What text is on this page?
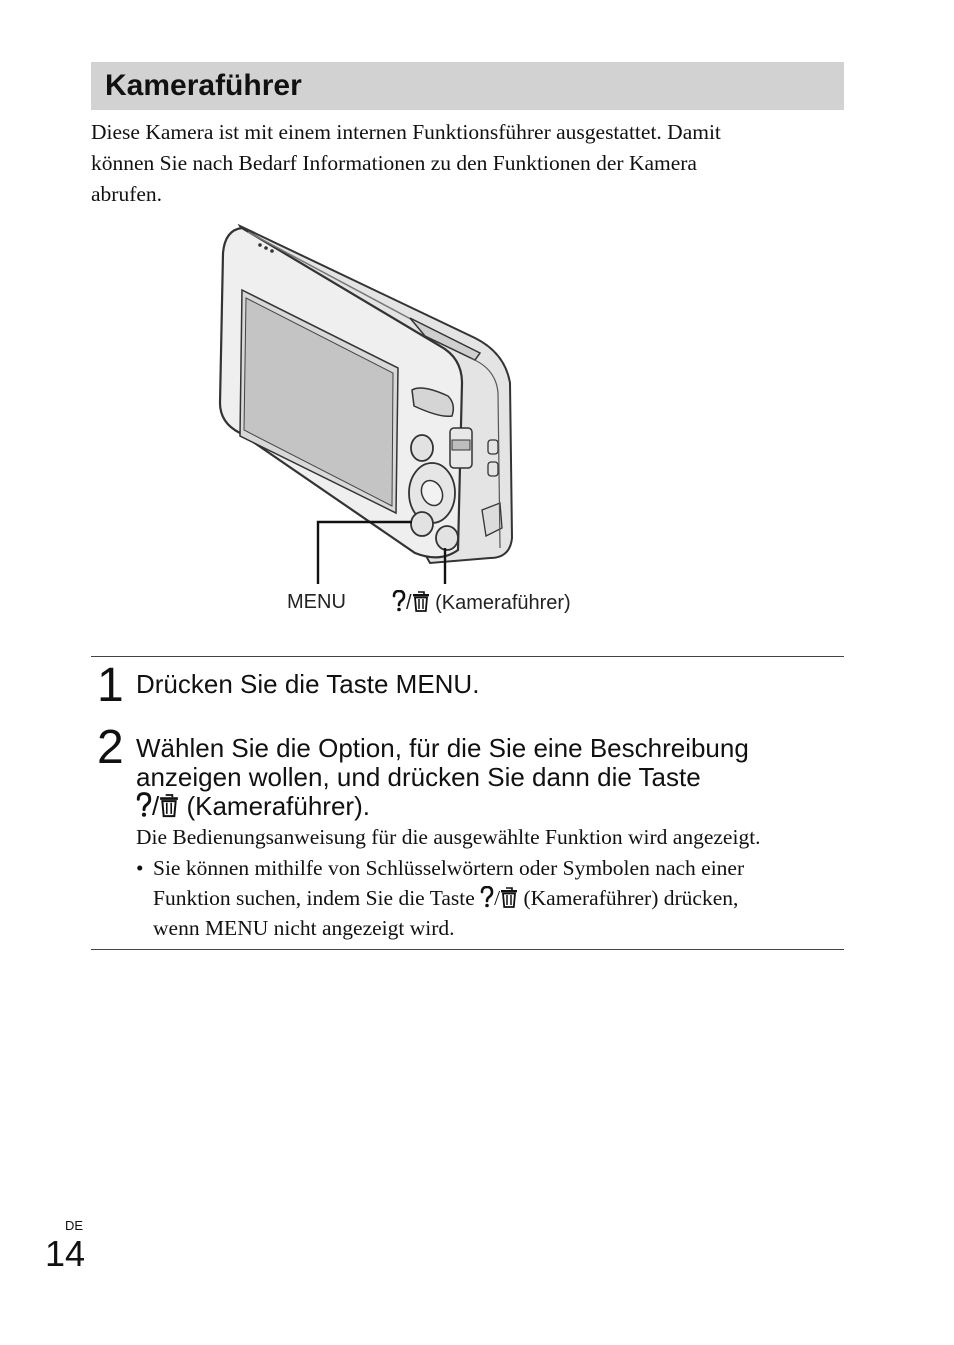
Kameraführer
Diese Kamera ist mit einem internen Funktionsführer ausgestattet. Damit
können Sie nach Bedarf Informationen zu den Funktionen der Kamera
abrufen.
MENU	/ (Kameraführer)
1 Drücken Sie die Taste MENU.
2 Wählen Sie die Option, für die Sie eine Beschreibung
anzeigen wollen, und drücken Sie dann die Taste
/ (Kameraführer).
Die Bedienungsanweisung für die ausgewählte Funktion wird angezeigt.
• Sie können mithilfe von Schlüsselwörtern oder Symbolen nach einer
Funktion suchen, indem Sie die Taste / (Kameraführer) drücken,
wenn MENU nicht angezeigt wird.
DE
14
